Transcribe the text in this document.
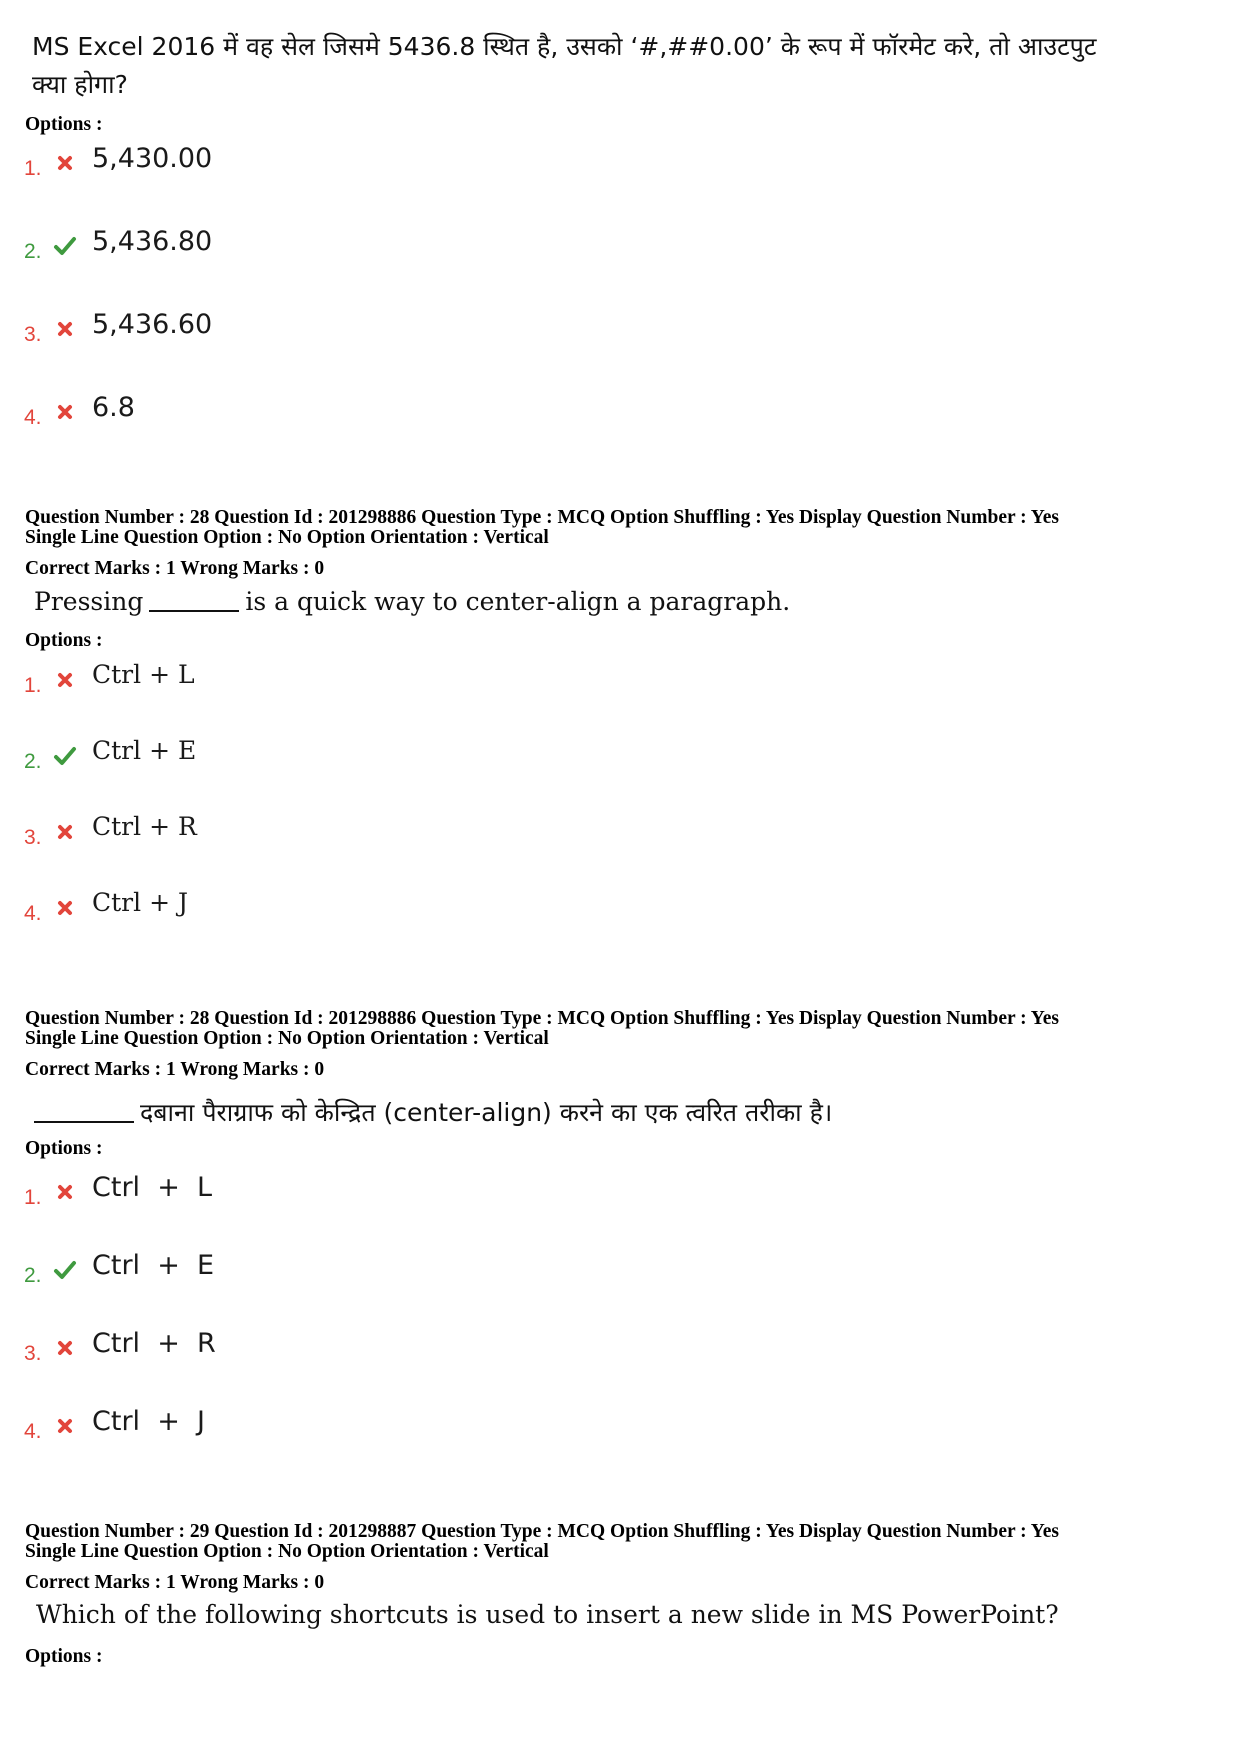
MS Excel 2016 में वह सेल जिसमे 5436.8 स्थित है, उसको ‘#,##0.00’ के रूप में फॉरमेट करे, तो आउटपुट
क्या होगा?
Options :
1. 5,430.00
2. 5,436.80
3. 5,436.60
4. 6.8
Question Number : 28 Question Id : 201298886 Question Type : MCQ Option Shuffling : Yes Display Question Number : Yes
Single Line Question Option : No Option Orientation : Vertical
Correct Marks : 1 Wrong Marks : 0
Pressing	is a quick way to center-align a paragraph.
Options :
1. Ctrl + L
2. Ctrl + E
3. Ctrl + R
4. Ctrl + J
Question Number : 28 Question Id : 201298886 Question Type : MCQ Option Shuffling : Yes Display Question Number : Yes
Single Line Question Option : No Option Orientation : Vertical
Correct Marks : 1 Wrong Marks : 0
दबाना पैराग्राफ को केन्द्रित (center-align) करने का एक त्वरित तरीका है।
Options :
1. Ctrl  +  L
2. Ctrl  +  E
3. Ctrl  +  R
4. Ctrl  +  J
Question Number : 29 Question Id : 201298887 Question Type : MCQ Option Shuffling : Yes Display Question Number : Yes
Single Line Question Option : No Option Orientation : Vertical
Correct Marks : 1 Wrong Marks : 0
Which of the following shortcuts is used to insert a new slide in MS PowerPoint?
Options :
